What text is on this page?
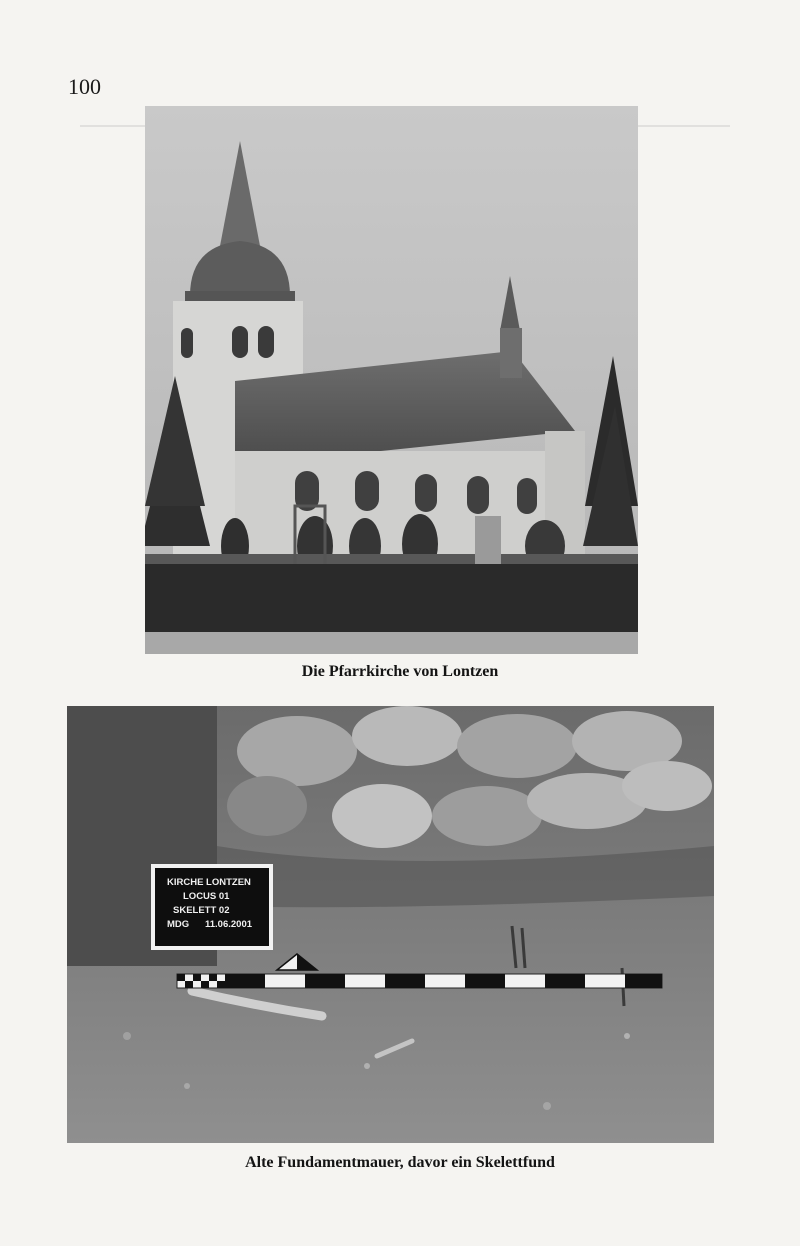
100

Die Pfarrkirche von Lontzen

KIRCHE LONTZEN
LOCUS 01
SKELETT 02
MDG      11.06.2001

Alte Fundamentmauer, davor ein Skelettfund
